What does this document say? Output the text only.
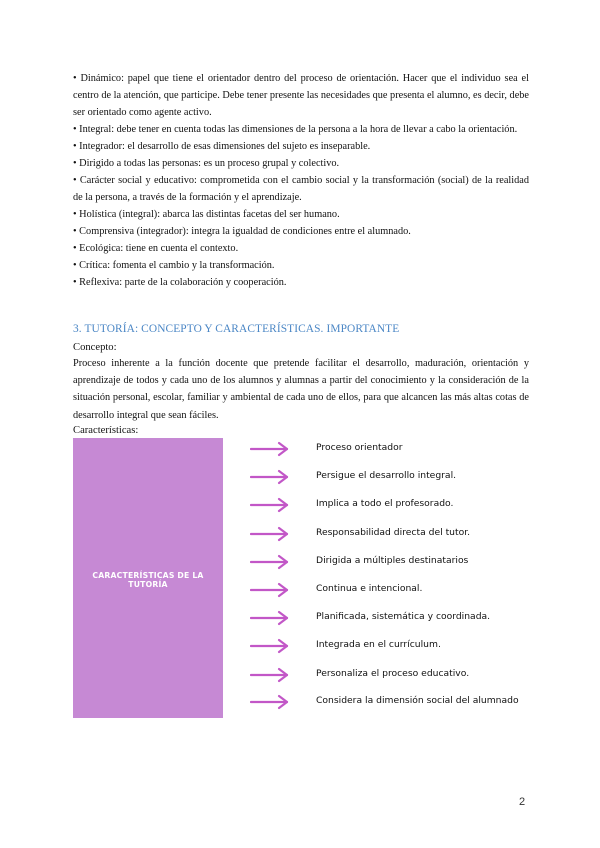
• Dinámico: papel que tiene el orientador dentro del proceso de orientación. Hacer que el individuo sea el centro de la atención, que participe. Debe tener presente las necesidades que presenta el alumno, es decir, debe ser orientado como agente activo.

• Integral: debe tener en cuenta todas las dimensiones de la persona a la hora de llevar a cabo la orientación.

• Integrador: el desarrollo de esas dimensiones del sujeto es inseparable.

• Dirigido a todas las personas: es un proceso grupal y colectivo.

• Carácter social y educativo: comprometida con el cambio social y la transformación (social) de la realidad de la persona, a través de la formación y el aprendizaje.

• Holística (integral): abarca las distintas facetas del ser humano.

• Comprensiva (integrador): integra la igualdad de condiciones entre el alumnado.

• Ecológica: tiene en cuenta el contexto.

• Crítica: fomenta el cambio y la transformación.

• Reflexiva: parte de la colaboración y cooperación.

3. TUTORÍA: CONCEPTO Y CARACTERÍSTICAS. IMPORTANTE
Concepto:

Proceso inherente a la función docente que pretende facilitar el desarrollo, maduración, orientación y aprendizaje de todos y cada uno de los alumnos y alumnas a partir del conocimiento y la consideración de la situación personal, escolar, familiar y ambiental de cada uno de ellos, para que alcancen las más altas cotas de desarrollo integral que sean fáciles.

Características:
CARACTERÍSTICAS DE LA TUTORÍA
Proceso orientador
Persigue el desarrollo integral.
Implica a todo el profesorado.
Responsabilidad directa del tutor.
Dirigida a múltiples destinatarios
Continua e intencional.
Planificada, sistemática y coordinada.
Integrada en el currículum.
Personaliza el proceso educativo.
Considera la dimensión social del alumnado
2
